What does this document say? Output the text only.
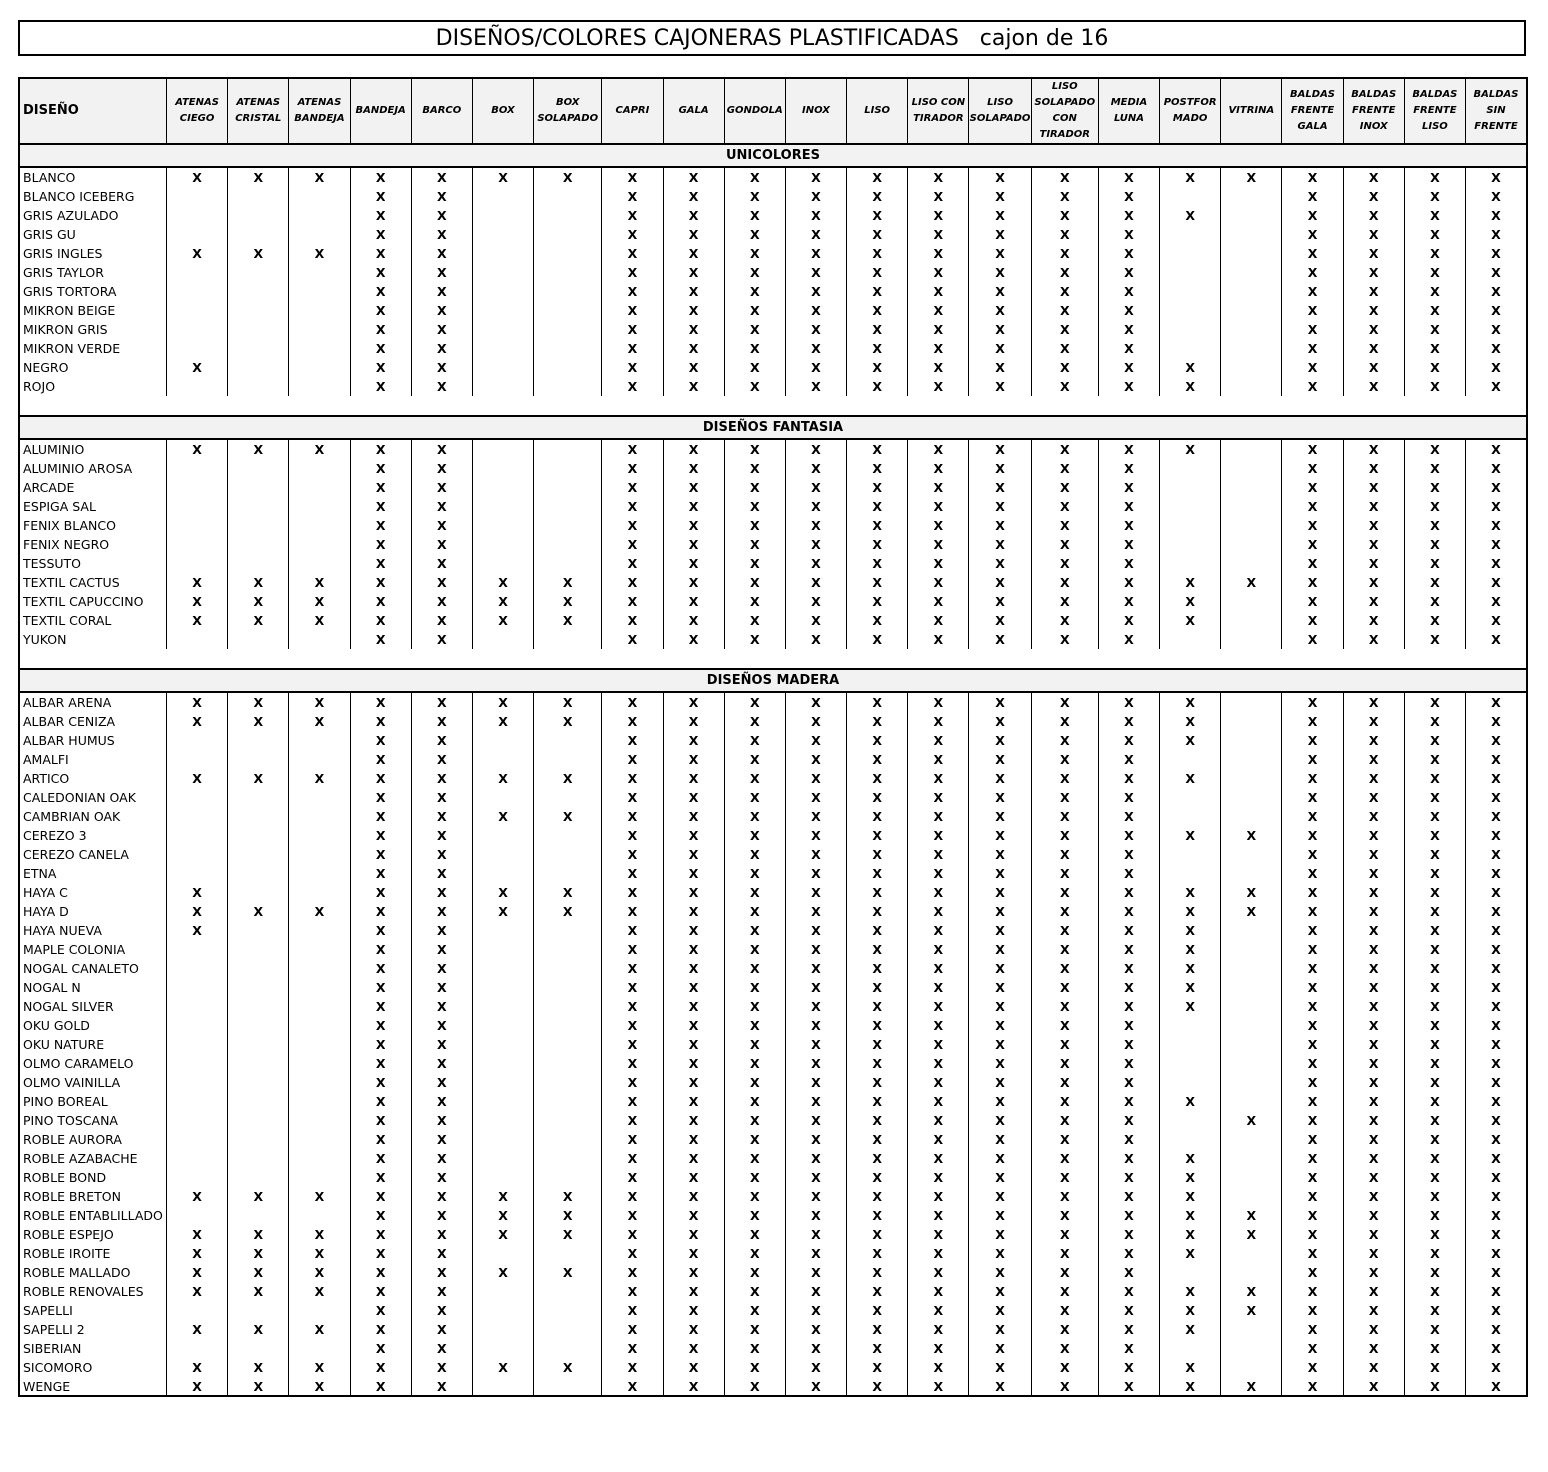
DISEÑOS/COLORES CAJONERAS PLASTIFICADAS
cajon de 16
DISEÑO	ATENAS CIEGO	ATENAS CRISTAL	ATENAS BANDEJA	BANDEJA	BARCO	BOX	BOX SOLAPADO	CAPRI	GALA	GONDOLA	INOX	LISO	LISO CON TIRADOR	LISO SOLAPADO	LISO SOLAPADO CON TIRADOR	MEDIA LUNA	POSTFOR MADO	VITRINA	BALDAS FRENTE GALA	BALDAS FRENTE INOX	BALDAS FRENTE LISO	BALDAS SIN FRENTE
UNICOLORES																						
BLANCO	X	X	X	X	X	X	X	X	X	X	X	X	X	X	X	X	X	X	X	X	X	X
BLANCO ICEBERG				X	X			X	X	X	X	X	X	X	X	X			X	X	X	X
GRIS AZULADO				X	X			X	X	X	X	X	X	X	X	X	X		X	X	X	X
GRIS GU				X	X			X	X	X	X	X	X	X	X	X			X	X	X	X
GRIS INGLES	X	X	X	X	X			X	X	X	X	X	X	X	X	X			X	X	X	X
GRIS TAYLOR				X	X			X	X	X	X	X	X	X	X	X			X	X	X	X
GRIS TORTORA				X	X			X	X	X	X	X	X	X	X	X			X	X	X	X
MIKRON BEIGE				X	X			X	X	X	X	X	X	X	X	X			X	X	X	X
MIKRON GRIS				X	X			X	X	X	X	X	X	X	X	X			X	X	X	X
MIKRON VERDE				X	X			X	X	X	X	X	X	X	X	X			X	X	X	X
NEGRO	X			X	X			X	X	X	X	X	X	X	X	X	X		X	X	X	X
ROJO				X	X			X	X	X	X	X	X	X	X	X	X		X	X	X	X

DISEÑOS FANTASIA																						
ALUMINIO	X	X	X	X	X			X	X	X	X	X	X	X	X	X	X		X	X	X	X
ALUMINIO AROSA				X	X			X	X	X	X	X	X	X	X	X			X	X	X	X
ARCADE				X	X			X	X	X	X	X	X	X	X	X			X	X	X	X
ESPIGA SAL				X	X			X	X	X	X	X	X	X	X	X			X	X	X	X
FENIX BLANCO				X	X			X	X	X	X	X	X	X	X	X			X	X	X	X
FENIX NEGRO				X	X			X	X	X	X	X	X	X	X	X			X	X	X	X
TESSUTO				X	X			X	X	X	X	X	X	X	X	X			X	X	X	X
TEXTIL CACTUS	X	X	X	X	X	X	X	X	X	X	X	X	X	X	X	X	X	X	X	X	X	X
TEXTIL CAPUCCINO	X	X	X	X	X	X	X	X	X	X	X	X	X	X	X	X	X		X	X	X	X
TEXTIL CORAL	X	X	X	X	X	X	X	X	X	X	X	X	X	X	X	X	X		X	X	X	X
YUKON				X	X			X	X	X	X	X	X	X	X	X			X	X	X	X

DISEÑOS MADERA																						
ALBAR ARENA	X	X	X	X	X	X	X	X	X	X	X	X	X	X	X	X	X		X	X	X	X
ALBAR CENIZA	X	X	X	X	X	X	X	X	X	X	X	X	X	X	X	X	X		X	X	X	X
ALBAR HUMUS				X	X			X	X	X	X	X	X	X	X	X	X		X	X	X	X
AMALFI				X	X			X	X	X	X	X	X	X	X	X			X	X	X	X
ARTICO	X	X	X	X	X	X	X	X	X	X	X	X	X	X	X	X	X		X	X	X	X
CALEDONIAN OAK				X	X			X	X	X	X	X	X	X	X	X			X	X	X	X
CAMBRIAN OAK				X	X	X	X	X	X	X	X	X	X	X	X	X			X	X	X	X
CEREZO 3				X	X			X	X	X	X	X	X	X	X	X	X	X	X	X	X	X
CEREZO CANELA				X	X			X	X	X	X	X	X	X	X	X			X	X	X	X
ETNA				X	X			X	X	X	X	X	X	X	X	X			X	X	X	X
HAYA C	X			X	X	X	X	X	X	X	X	X	X	X	X	X	X	X	X	X	X	X
HAYA D	X	X	X	X	X	X	X	X	X	X	X	X	X	X	X	X	X	X	X	X	X	X
HAYA NUEVA	X			X	X			X	X	X	X	X	X	X	X	X	X		X	X	X	X
MAPLE COLONIA				X	X			X	X	X	X	X	X	X	X	X	X		X	X	X	X
NOGAL CANALETO				X	X			X	X	X	X	X	X	X	X	X	X		X	X	X	X
NOGAL N				X	X			X	X	X	X	X	X	X	X	X	X		X	X	X	X
NOGAL SILVER				X	X			X	X	X	X	X	X	X	X	X	X		X	X	X	X
OKU GOLD				X	X			X	X	X	X	X	X	X	X	X			X	X	X	X
OKU NATURE				X	X			X	X	X	X	X	X	X	X	X			X	X	X	X
OLMO CARAMELO				X	X			X	X	X	X	X	X	X	X	X			X	X	X	X
OLMO VAINILLA				X	X			X	X	X	X	X	X	X	X	X			X	X	X	X
PINO BOREAL				X	X			X	X	X	X	X	X	X	X	X	X		X	X	X	X
PINO TOSCANA				X	X			X	X	X	X	X	X	X	X	X		X	X	X	X	X
ROBLE AURORA				X	X			X	X	X	X	X	X	X	X	X			X	X	X	X
ROBLE AZABACHE				X	X			X	X	X	X	X	X	X	X	X	X		X	X	X	X
ROBLE BOND				X	X			X	X	X	X	X	X	X	X	X	X		X	X	X	X
ROBLE BRETON	X	X	X	X	X	X	X	X	X	X	X	X	X	X	X	X	X		X	X	X	X
ROBLE ENTABLILLADO				X	X	X	X	X	X	X	X	X	X	X	X	X	X	X	X	X	X	X
ROBLE ESPEJO	X	X	X	X	X	X	X	X	X	X	X	X	X	X	X	X	X	X	X	X	X	X
ROBLE IROITE	X	X	X	X	X			X	X	X	X	X	X	X	X	X	X		X	X	X	X
ROBLE MALLADO	X	X	X	X	X	X	X	X	X	X	X	X	X	X	X	X			X	X	X	X
ROBLE RENOVALES	X	X	X	X	X			X	X	X	X	X	X	X	X	X	X	X	X	X	X	X
SAPELLI				X	X			X	X	X	X	X	X	X	X	X	X	X	X	X	X	X
SAPELLI 2	X	X	X	X	X			X	X	X	X	X	X	X	X	X	X		X	X	X	X
SIBERIAN				X	X			X	X	X	X	X	X	X	X	X			X	X	X	X
SICOMORO	X	X	X	X	X	X	X	X	X	X	X	X	X	X	X	X	X		X	X	X	X
WENGE	X	X	X	X	X			X	X	X	X	X	X	X	X	X	X	X	X	X	X	X
